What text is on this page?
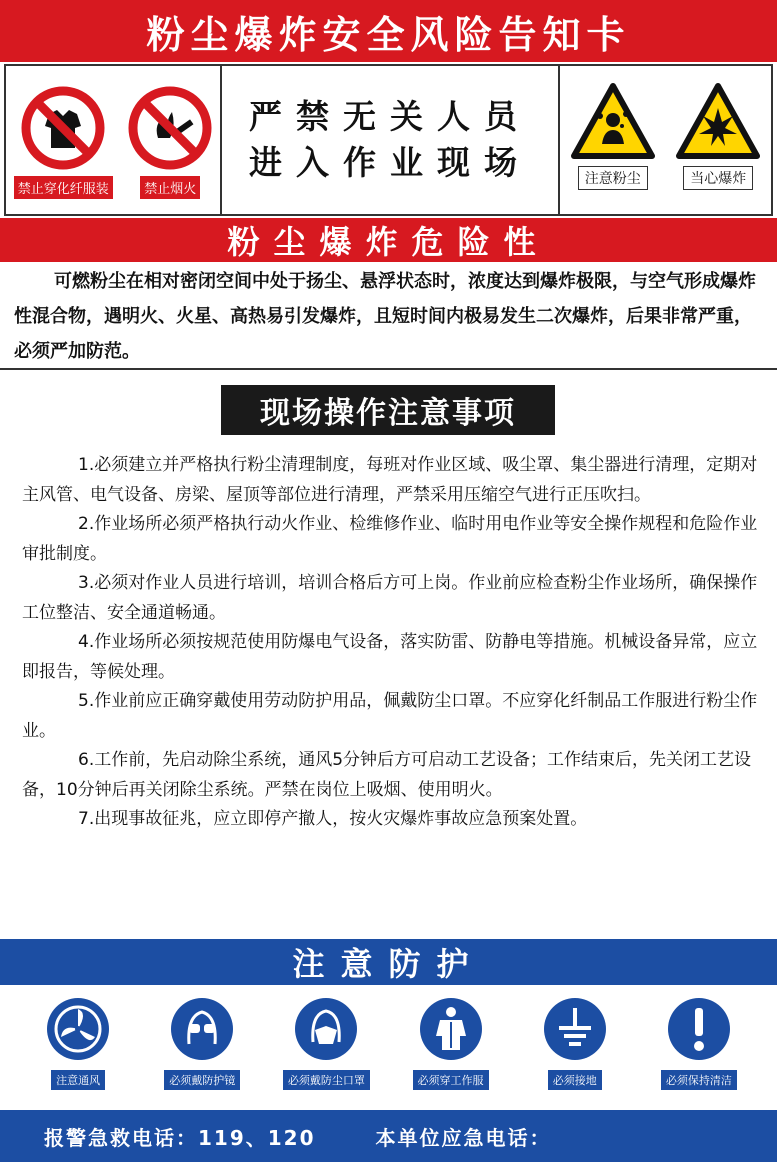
粉尘爆炸安全风险告知卡
禁止穿化纤服装	禁止烟火
严禁无关人员
进入作业现场	注意粉尘	当心爆炸
粉尘爆炸危险性
可燃粉尘在相对密闭空间中处于扬尘、悬浮状态时，浓度达到爆炸极限，与空气形成爆炸性混合物，遇明火、火星、高热易引发爆炸，且短时间内极易发生二次爆炸，后果非常严重，必须严加防范。
现场操作注意事项
1.必须建立并严格执行粉尘清理制度，每班对作业区域、吸尘罩、集尘器进行清理，定期对主风管、电气设备、房梁、屋顶等部位进行清理，严禁采用压缩空气进行正压吹扫。
2.作业场所必须严格执行动火作业、检维修作业、临时用电作业等安全操作规程和危险作业审批制度。
3.必须对作业人员进行培训，培训合格后方可上岗。作业前应检查粉尘作业场所，确保操作工位整洁、安全通道畅通。
4.作业场所必须按规范使用防爆电气设备，落实防雷、防静电等措施。机械设备异常，应立即报告，等候处理。
5.作业前应正确穿戴使用劳动防护用品，佩戴防尘口罩。不应穿化纤制品工作服进行粉尘作业。
6.工作前，先启动除尘系统，通风5分钟后方可启动工艺设备；工作结束后，先关闭工艺设备，10分钟后再关闭除尘系统。严禁在岗位上吸烟、使用明火。
7.出现事故征兆，应立即停产撤人，按火灾爆炸事故应急预案处置。
注意防护
注意通风	必须戴防护镜	必须戴防尘口罩	必须穿工作服	必须接地	必须保持清洁
报警急救电话：119、120	本单位应急电话：
